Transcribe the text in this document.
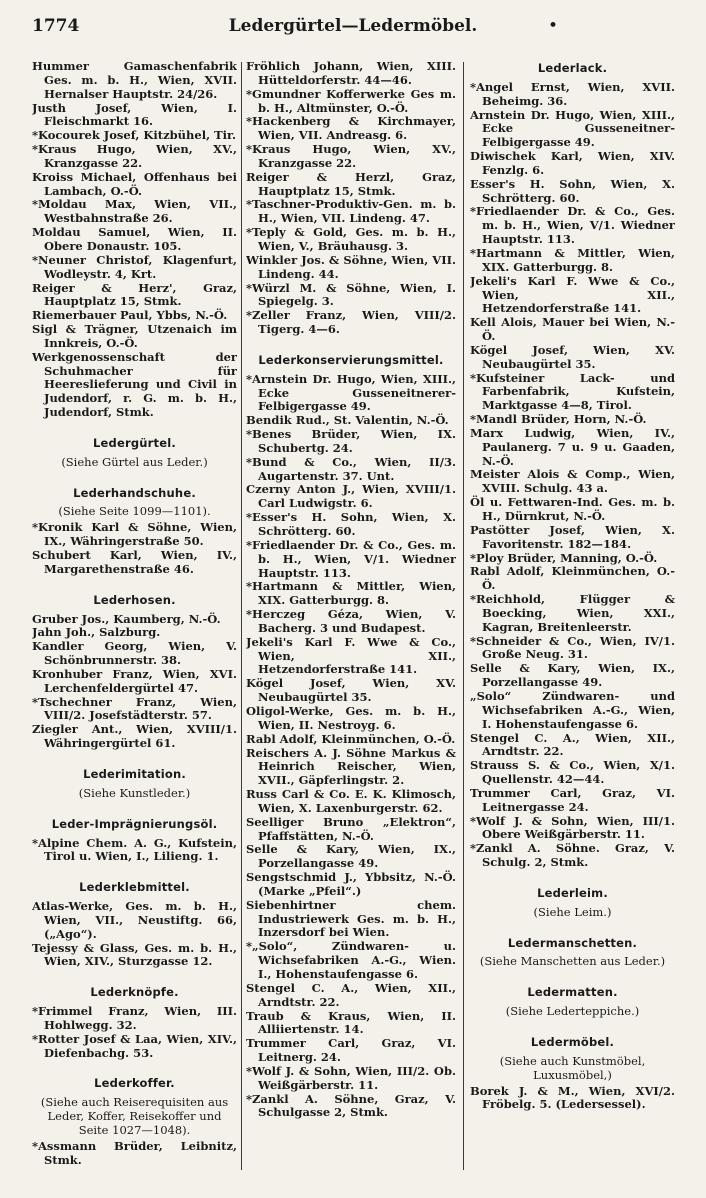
1774	Ledergürtel—Ledermöbel.	•
Hummer Gamaschenfabrik Ges. m. b. H., Wien, XVII. Hernalser Hauptstr. 24/26.
Justh Josef, Wien, I. Fleischmarkt 16.
*Kocourek Josef, Kitzbühel, Tir.
*Kraus Hugo, Wien, XV., Kranzgasse 22.
Kroiss Michael, Offenhaus bei Lambach, O.-Ö.
*Moldau Max, Wien, VII., Westbahnstraße 26.
Moldau Samuel, Wien, II. Obere Donaustr. 105.
*Neuner Christof, Klagenfurt, Wodleystr. 4, Krt.
Reiger & Herz', Graz, Hauptplatz 15, Stmk.
Riemerbauer Paul, Ybbs, N.-Ö.
Sigl & Trägner, Utzenaich im Innkreis, O.-Ö.
Werkgenossenschaft der Schuhmacher für Heereslieferung und Civil in Judendorf, r. G. m. b. H., Judendorf, Stmk.
Ledergürtel.
(Siehe Gürtel aus Leder.)
Lederhandschuhe.
(Siehe Seite 1099—1101).
*Kronik Karl & Söhne, Wien, IX., Währingerstraße 50.
Schubert Karl, Wien, IV., Margarethenstraße 46.
Lederhosen.
Gruber Jos., Kaumberg, N.-Ö.
Jahn Joh., Salzburg.
Kandler Georg, Wien, V. Schönbrunnerstr. 38.
Kronhuber Franz, Wien, XVI. Lerchenfeldergürtel 47.
*Tschechner Franz, Wien, VIII/2. Josefstädterstr. 57.
Ziegler Ant., Wien, XVIII/1. Währingergürtel 61.
Lederimitation.
(Siehe Kunstleder.)
Leder-Imprägnierungsöl.
*Alpine Chem. A. G., Kufstein, Tirol u. Wien, I., Lilieng. 1.
Lederklebmittel.
Atlas-Werke, Ges. m. b. H., Wien, VII., Neustiftg. 66, („Ago“).
Tejessy & Glass, Ges. m. b. H., Wien, XIV., Sturzgasse 12.
Lederknöpfe.
*Frimmel Franz, Wien, III. Hohlwegg. 32.
*Rotter Josef & Laa, Wien, XIV., Diefenbachg. 53.
Lederkoffer.
(Siehe auch Reiserequisiten aus Leder, Koffer, Reisekoffer und Seite 1027—1048).
*Assmann Brüder, Leibnitz, Stmk.
Fröhlich Johann, Wien, XIII. Hütteldorferstr. 44—46.
*Gmundner Kofferwerke Ges m. b. H., Altmünster, O.-Ö.
*Hackenberg & Kirchmayer, Wien, VII. Andreasg. 6.
*Kraus Hugo, Wien, XV., Kranzgasse 22.
Reiger & Herzl, Graz, Hauptplatz 15, Stmk.
*Taschner-Produktiv-Gen. m. b. H., Wien, VII. Lindeng. 47.
*Teply & Gold, Ges. m. b. H., Wien, V., Bräuhausg. 3.
Winkler Jos. & Söhne, Wien, VII. Lindeng. 44.
*Würzl M. & Söhne, Wien, I. Spiegelg. 3.
*Zeller Franz, Wien, VIII/2. Tigerg. 4—6.
Lederkonservierungsmittel.
*Arnstein Dr. Hugo, Wien, XIII., Ecke Gusseneitnerer-Felbigergasse 49.
Bendik Rud., St. Valentin, N.-Ö.
*Benes Brüder, Wien, IX. Schubertg. 24.
*Bund & Co., Wien, II/3. Augartenstr. 37. Unt.
Czerny Anton J., Wien, XVIII/1. Carl Ludwigstr. 6.
*Esser's H. Sohn, Wien, X. Schrötterg. 60.
*Friedlaender Dr. & Co., Ges. m. b. H., Wien, V/1. Wiedner Hauptstr. 113.
*Hartmann & Mittler, Wien, XIX. Gatterburgg. 8.
*Herczeg Géza, Wien, V. Bacherg. 3 und Budapest.
Jekeli's Karl F. Wwe & Co., Wien, XII., Hetzendorferstraße 141.
Kögel Josef, Wien, XV. Neubaugürtel 35.
Oligol-Werke, Ges. m. b. H., Wien, II. Nestroyg. 6.
Rabl Adolf, Kleinmünchen, O.-Ö.
Reischers A. J. Söhne Markus & Heinrich Reischer, Wien, XVII., Gäpferlingstr. 2.
Russ Carl & Co. E. K. Klimosch, Wien, X. Laxenburgerstr. 62.
Seelliger Bruno „Elektron“, Pfaffstätten, N.-Ö.
Selle & Kary, Wien, IX., Porzellangasse 49.
Sengstschmid J., Ybbsitz, N.-Ö. (Marke „Pfeil“.)
Siebenhirtner chem. Industriewerk Ges. m. b. H., Inzersdorf bei Wien.
*„Solo“, Zündwaren- u. Wichsefabriken A.-G., Wien. I., Hohenstaufengasse 6.
Stengel C. A., Wien, XII., Arndtstr. 22.
Traub & Kraus, Wien, II. Alliiertenstr. 14.
Trummer Carl, Graz, VI. Leitnerg. 24.
*Wolf J. & Sohn, Wien, III/2. Ob. Weißgärberstr. 11.
*Zankl A. Söhne, Graz, V. Schulgasse 2, Stmk.
Lederlack.
*Angel Ernst, Wien, XVII. Beheimg. 36.
Arnstein Dr. Hugo, Wien, XIII., Ecke Gusseneitner-Felbigergasse 49.
Diwischek Karl, Wien, XIV. Fenzlg. 6.
Esser's H. Sohn, Wien, X. Schrötterg. 60.
*Friedlaender Dr. & Co., Ges. m. b. H., Wien, V/1. Wiedner Hauptstr. 113.
*Hartmann & Mittler, Wien, XIX. Gatterburgg. 8.
Jekeli's Karl F. Wwe & Co., Wien, XII., Hetzendorferstraße 141.
Kell Alois, Mauer bei Wien, N.-Ö.
Kögel Josef, Wien, XV. Neubaugürtel 35.
*Kufsteiner Lack- und Farbenfabrik, Kufstein, Marktgasse 4—8, Tirol.
*Mandl Brüder, Horn, N.-Ö.
Marx Ludwig, Wien, IV., Paulanerg. 7 u. 9 u. Gaaden, N.-Ö.
Meister Alois & Comp., Wien, XVIII. Schulg. 43 a.
Öl u. Fettwaren-Ind. Ges. m. b. H., Dürnkrut, N.-Ö.
Pastötter Josef, Wien, X. Favoritenstr. 182—184.
*Ploy Brüder, Manning, O.-Ö.
Rabl Adolf, Kleinmünchen, O.-Ö.
*Reichhold, Flügger & Boecking, Wien, XXI., Kagran, Breitenleerstr.
*Schneider & Co., Wien, IV/1. Große Neug. 31.
Selle & Kary, Wien, IX., Porzellangasse 49.
„Solo“ Zündwaren- und Wichsefabriken A.-G., Wien, I. Hohenstaufengasse 6.
Stengel C. A., Wien, XII., Arndtstr. 22.
Strauss S. & Co., Wien, X/1. Quellenstr. 42—44.
Trummer Carl, Graz, VI. Leitnergasse 24.
*Wolf J. & Sohn, Wien, III/1. Obere Weißgärberstr. 11.
*Zankl A. Söhne. Graz, V. Schulg. 2, Stmk.
Lederleim.
(Siehe Leim.)
Ledermanschetten.
(Siehe Manschetten aus Leder.)
Ledermatten.
(Siehe Lederteppiche.)
Ledermöbel.
(Siehe auch Kunstmöbel, Luxusmöbel,)
Borek J. & M., Wien, XVI/2. Fröbelg. 5. (Ledersessel).
